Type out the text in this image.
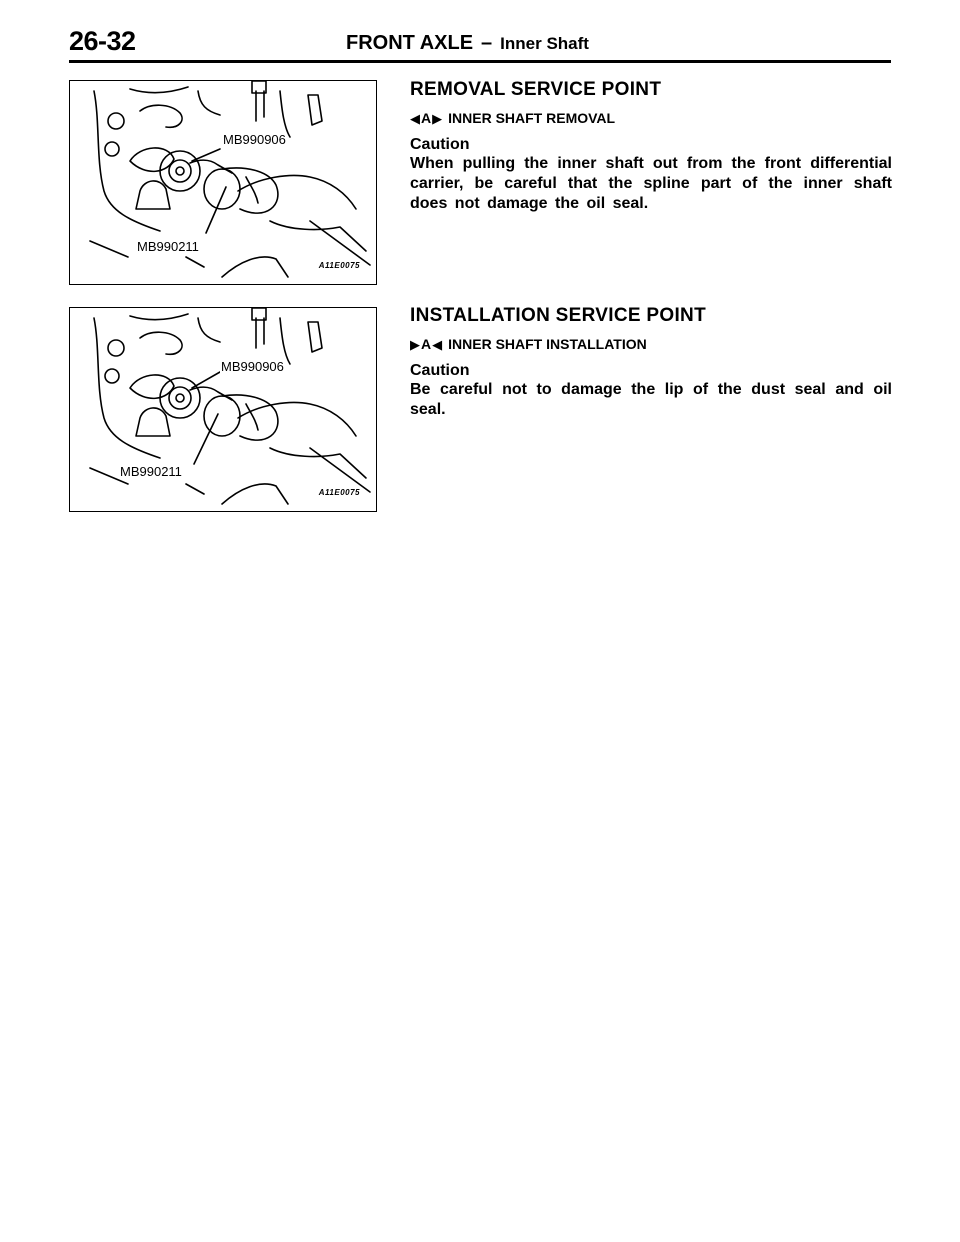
26-32	FRONT AXLE – Inner Shaft
MB990906
MB990211
A11E0075
MB990906
MB990211
A11E0075
REMOVAL SERVICE POINT
◀ A ▶ INNER SHAFT REMOVAL
Caution
When pulling the inner shaft out from the front differential carrier, be careful that the spline part of the inner shaft does not damage the oil seal.
INSTALLATION SERVICE POINT
▶ A ◀ INNER SHAFT INSTALLATION
Caution
Be careful not to damage the lip of the dust seal and oil seal.
